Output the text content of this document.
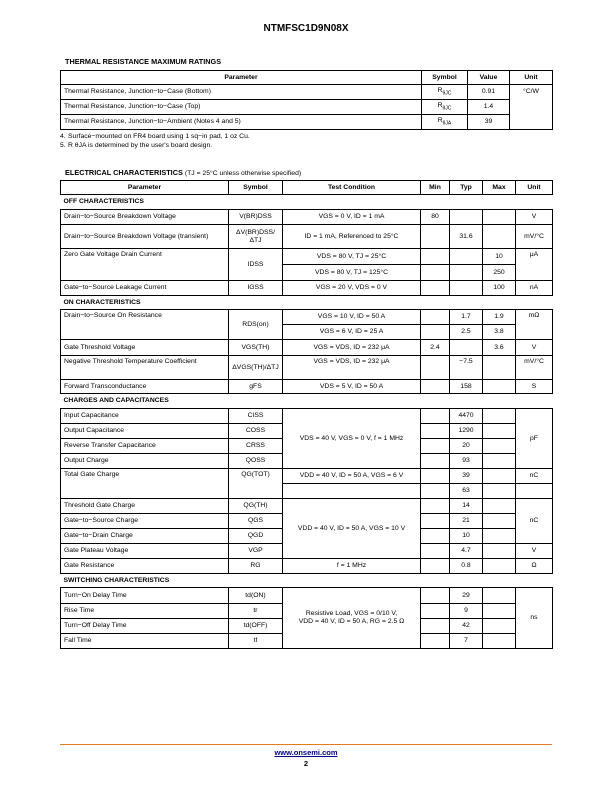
NTMFSC1D9N08X
THERMAL RESISTANCE MAXIMUM RATINGS
Parameter	Symbol	Value	Unit
Thermal Resistance, Junction−to−Case (Bottom)	$R_{\theta JC}$	0.91	°C/W
Thermal Resistance, Junction−to−Case (Top)	$R_{\theta JC}$	1.4	
Thermal Resistance, Junction−to−Ambient (Notes 4 and 5)	$R_{\theta JA}$	39	
4. Surface−mounted on FR4 board using 1 sq−in pad, 1 oz Cu.
5. R θJA is determined by the user's board design.
ELECTRICAL CHARACTERISTICS (TJ = 25°C unless otherwise specified)
Parameter	Symbol	Test Condition	Min	Typ	Max	Unit
OFF CHARACTERISTICS						
Drain−to−Source Breakdown Voltage	V(BR)DSS	VGS = 0 V, ID = 1 mA	80			V
Drain−to−Source Breakdown Voltage (transient)	ΔV(BR)DSS/ΔTJ	ID = 1 mA, Referenced to 25°C		31.6		mV/°C
Zero Gate Voltage Drain Current	IDSS	VDS = 80 V, TJ = 25°C			10	μA
		VDS = 80 V, TJ = 125°C			250	
Gate−to−Source Leakage Current	IGSS	VGS = 20 V, VDS = 0 V			100	nA
ON CHARACTERISTICS						
Drain−to−Source On Resistance	RDS(on)	VGS = 10 V, ID = 50 A		1.7	1.9	mΩ
		VGS = 6 V, ID = 25 A		2.5	3.8	
Gate Threshold Voltage	VGS(TH)	VGS = VDS, ID = 232 μA	2.4		3.6	V
Negative Threshold Temperature Coefficient	ΔVGS(TH)/ΔTJ	VGS = VDS, ID = 232 μA		−7.5		mV/°C
Forward Transconductance	gFS	VDS = 5 V, ID = 50 A		158		S
CHARGES AND CAPACITANCES						
Input Capacitance	CISS	VDS = 40 V, VGS = 0 V, f = 1 MHz		4470		pF
Output Capacitance	COSS			1290		
Reverse Transfer Capacitance	CRSS			20		
Output Charge	QOSS			93		
Total Gate Charge	QG(TOT)	VDD = 40 V, ID = 50 A, VGS = 6 V		39		nC
				63		
Threshold Gate Charge	QG(TH)	VDD = 40 V, ID = 50 A, VGS = 10 V		14		nC
Gate−to−Source Charge	QGS			21		
Gate−to−Drain Charge	QGD			10		
Gate Plateau Voltage	VGP			4.7		V
Gate Resistance	RG	f = 1 MHz		0.8		Ω
SWITCHING CHARACTERISTICS						
Turn−On Delay Time	td(ON)	Resistive Load, VGS = 0/10 V,
VDD = 40 V, ID = 50 A, RG = 2.5 Ω		29		ns
Rise Time	tr			9		
Turn−Off Delay Time	td(OFF)			42		
Fall Time	tf			7		
www.onsemi.com
2
